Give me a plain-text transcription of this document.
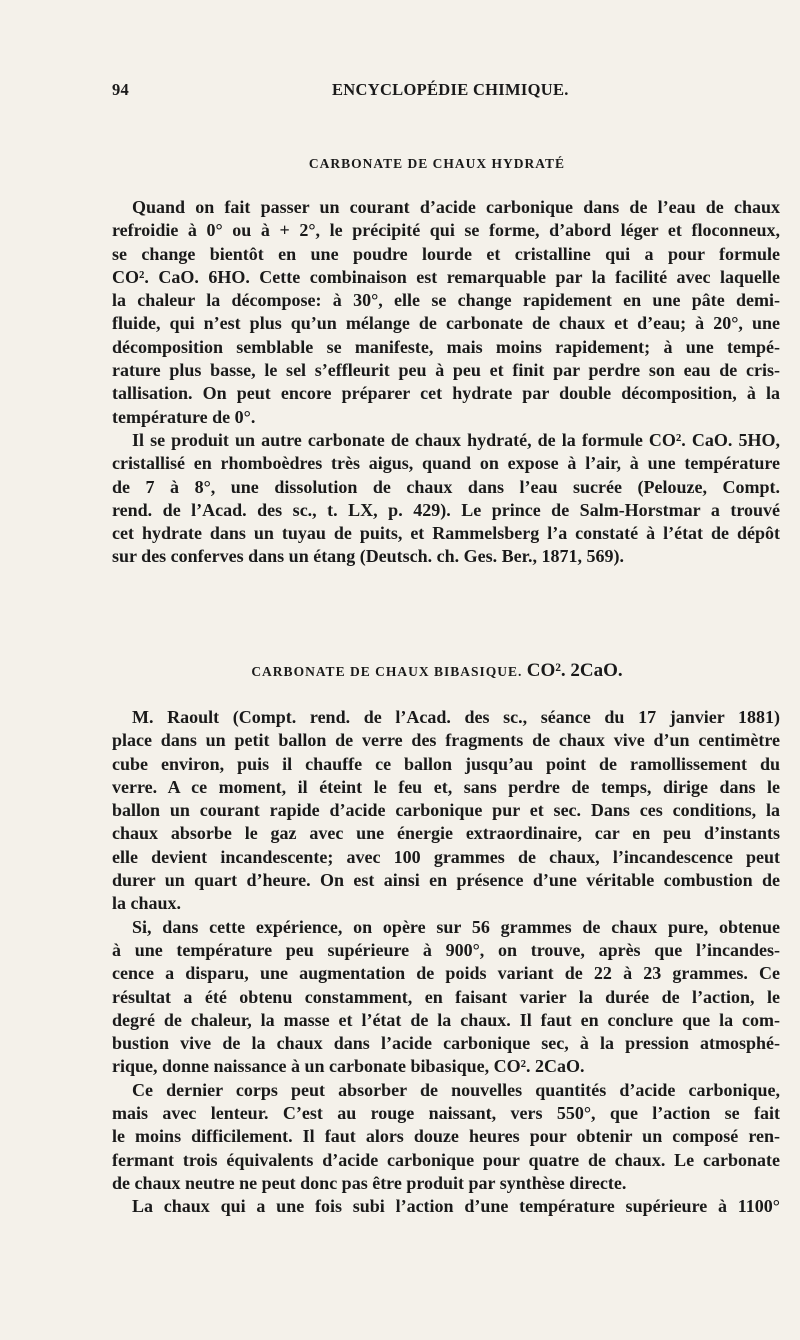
94	ENCYCLOPÉDIE CHIMIQUE.
CARBONATE DE CHAUX HYDRATÉ
Quand on fait passer un courant d’acide carbonique dans de l’eau de chaux
refroidie à 0° ou à + 2°, le précipité qui se forme, d’abord léger et floconneux,
se change bientôt en une poudre lourde et cristalline qui a pour formule
CO². CaO. 6HO. Cette combinaison est remarquable par la facilité avec laquelle
la chaleur la décompose: à 30°, elle se change rapidement en une pâte demi-
fluide, qui n’est plus qu’un mélange de carbonate de chaux et d’eau; à 20°, une
décomposition semblable se manifeste, mais moins rapidement; à une tempé-
rature plus basse, le sel s’effleurit peu à peu et finit par perdre son eau de cris-
tallisation. On peut encore préparer cet hydrate par double décomposition, à la
température de 0°.
Il se produit un autre carbonate de chaux hydraté, de la formule CO². CaO. 5HO,
cristallisé en rhomboèdres très aigus, quand on expose à l’air, à une température
de 7 à 8°, une dissolution de chaux dans l’eau sucrée (Pelouze, Compt.
rend. de l’Acad. des sc., t. LX, p. 429). Le prince de Salm-Horstmar a trouvé
cet hydrate dans un tuyau de puits, et Rammelsberg l’a constaté à l’état de dépôt
sur des conferves dans un étang (Deutsch. ch. Ges. Ber., 1871, 569).
CARBONATE DE CHAUX BIBASIQUE. CO². 2CaO.
M. Raoult (Compt. rend. de l’Acad. des sc., séance du 17 janvier 1881)
place dans un petit ballon de verre des fragments de chaux vive d’un centimètre
cube environ, puis il chauffe ce ballon jusqu’au point de ramollissement du
verre. A ce moment, il éteint le feu et, sans perdre de temps, dirige dans le
ballon un courant rapide d’acide carbonique pur et sec. Dans ces conditions, la
chaux absorbe le gaz avec une énergie extraordinaire, car en peu d’instants
elle devient incandescente; avec 100 grammes de chaux, l’incandescence peut
durer un quart d’heure. On est ainsi en présence d’une véritable combustion de
la chaux.
Si, dans cette expérience, on opère sur 56 grammes de chaux pure, obtenue
à une température peu supérieure à 900°, on trouve, après que l’incandes-
cence a disparu, une augmentation de poids variant de 22 à 23 grammes. Ce
résultat a été obtenu constamment, en faisant varier la durée de l’action, le
degré de chaleur, la masse et l’état de la chaux. Il faut en conclure que la com-
bustion vive de la chaux dans l’acide carbonique sec, à la pression atmosphé-
rique, donne naissance à un carbonate bibasique, CO². 2CaO.
Ce dernier corps peut absorber de nouvelles quantités d’acide carbonique,
mais avec lenteur. C’est au rouge naissant, vers 550°, que l’action se fait
le moins difficilement. Il faut alors douze heures pour obtenir un composé ren-
fermant trois équivalents d’acide carbonique pour quatre de chaux. Le carbonate
de chaux neutre ne peut donc pas être produit par synthèse directe.
La chaux qui a une fois subi l’action d’une température supérieure à 1100°
